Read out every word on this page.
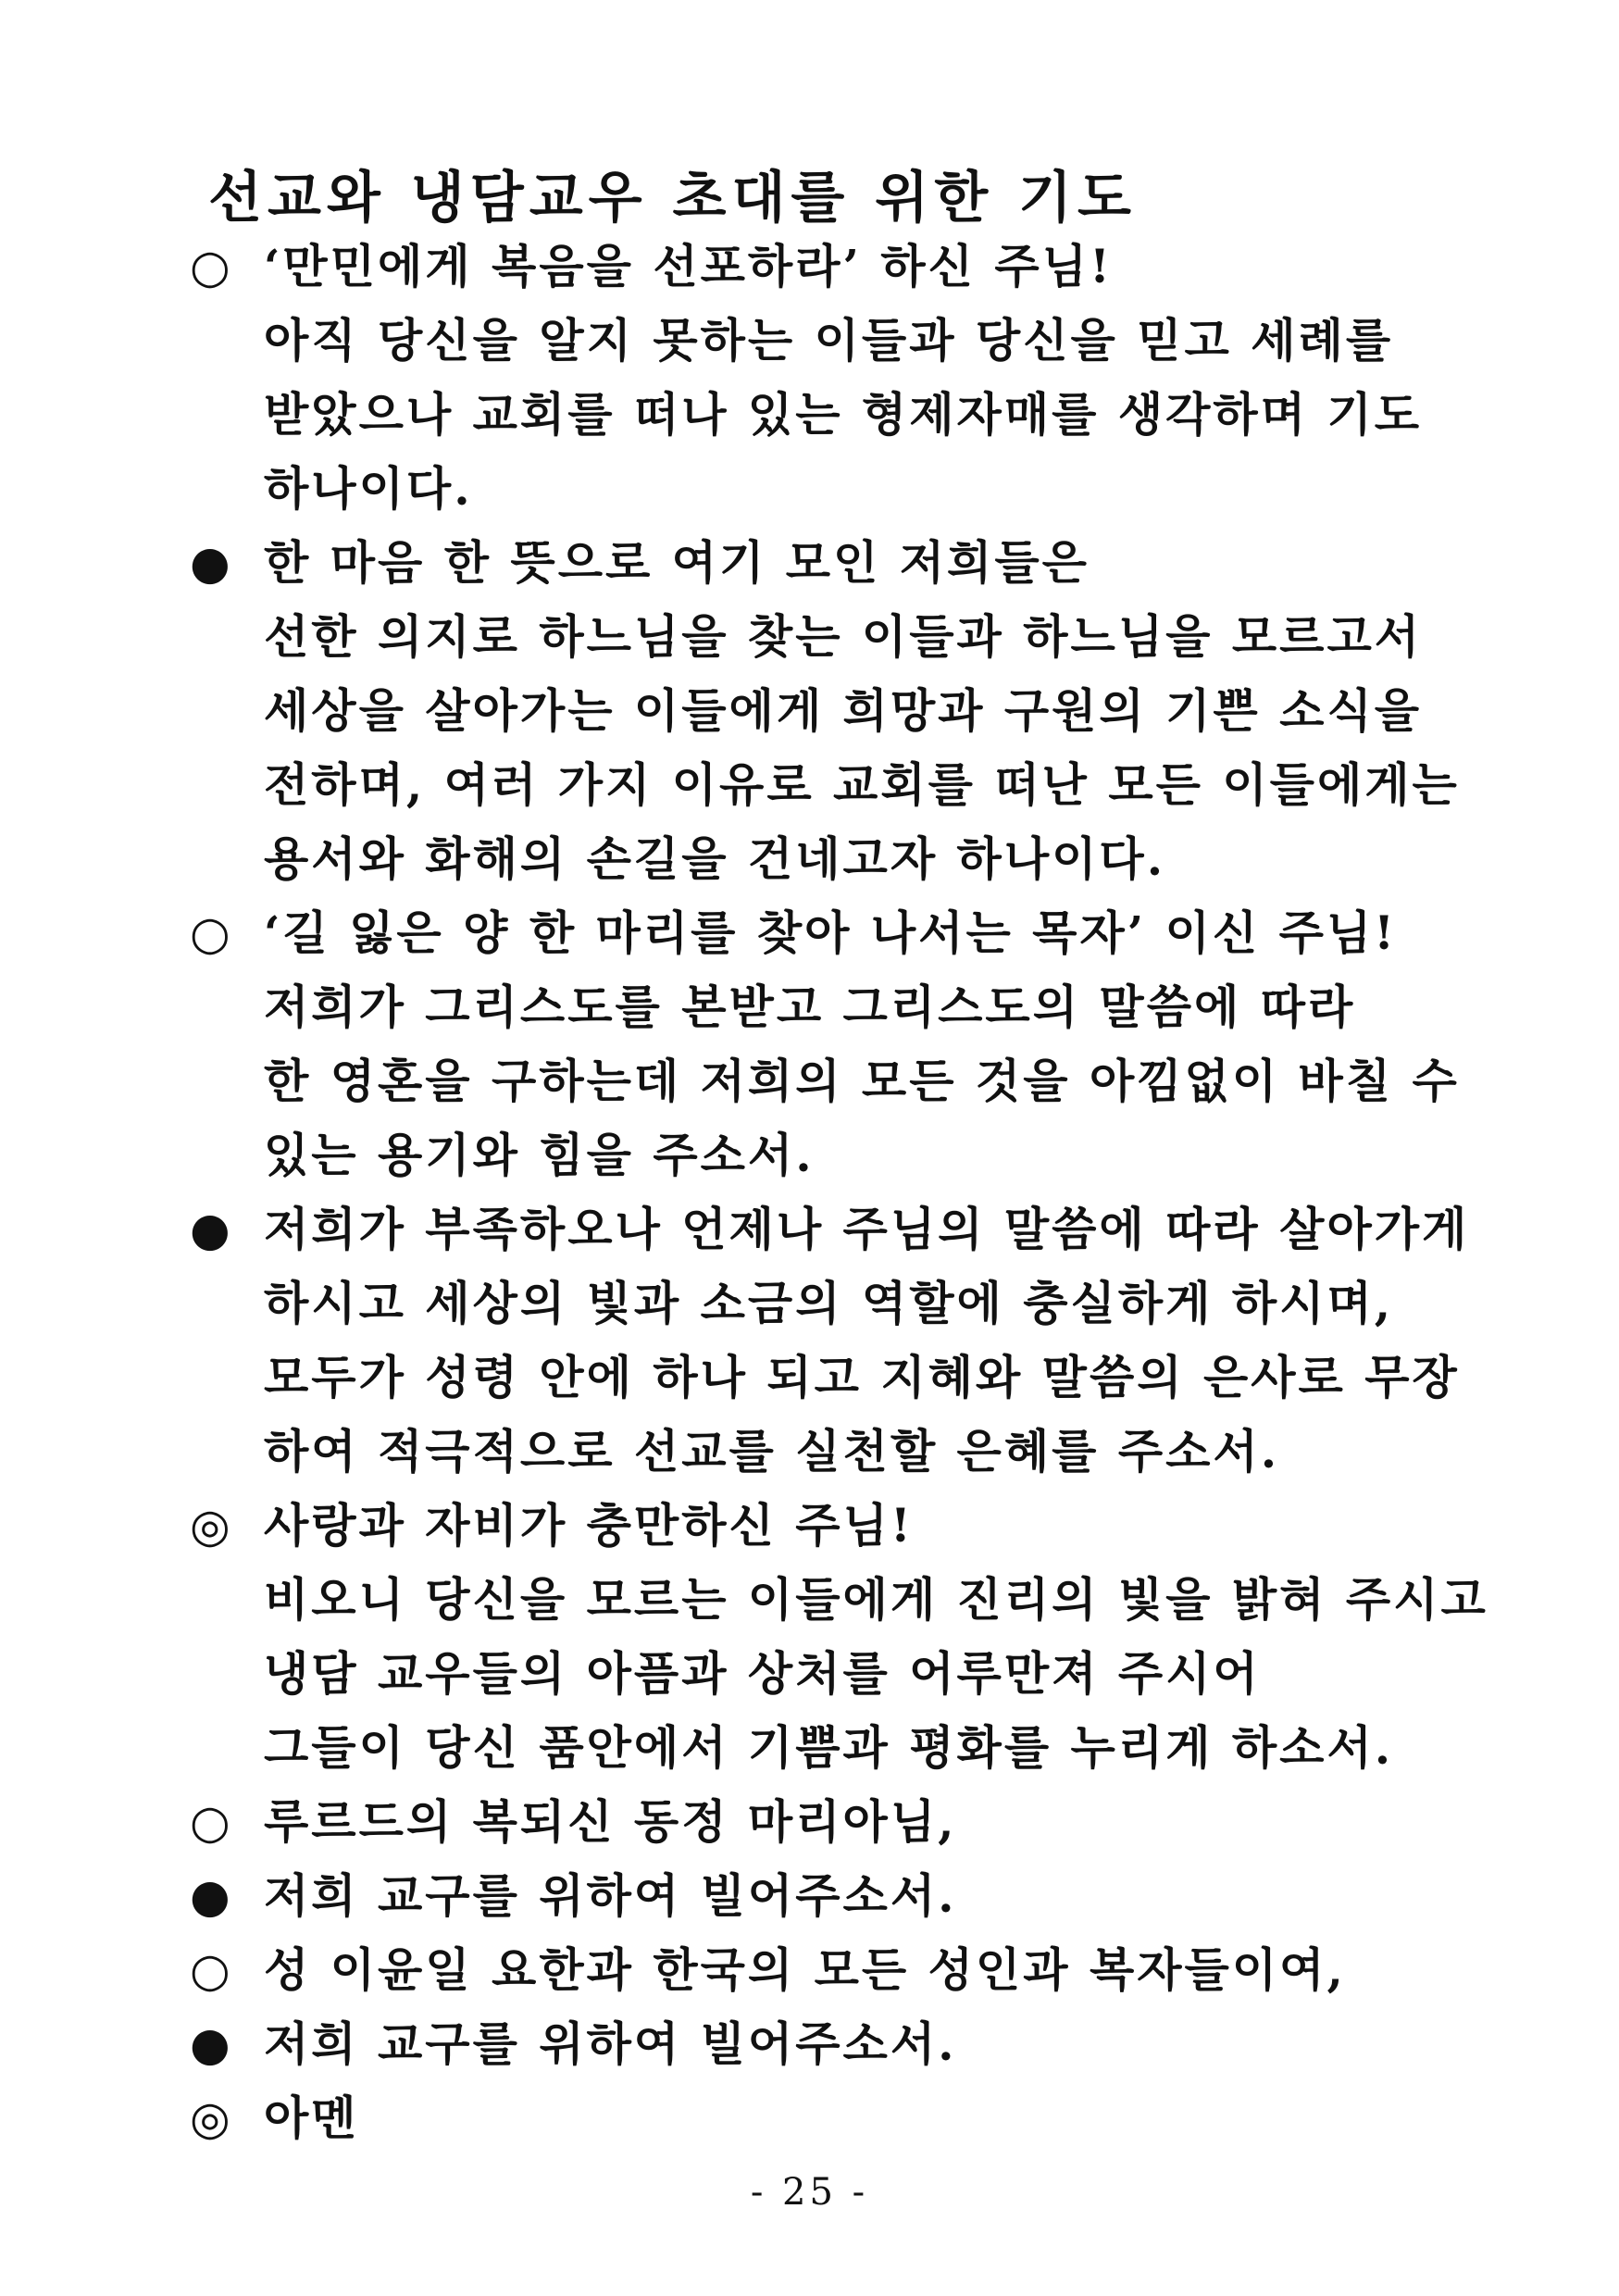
선교와 냉담교우 초대를 위한 기도
○ ‘만민에게 복음을 선포하라’ 하신 주님!
아직 당신을 알지 못하는 이들과 당신을 믿고 세례를
받았으나 교회를 떠나 있는 형제자매를 생각하며 기도
하나이다.
● 한 마음 한 뜻으로 여기 모인 저희들은
선한 의지로 하느님을 찾는 이들과 하느님을 모르고서
세상을 살아가는 이들에게 희망과 구원의 기쁜 소식을
전하며, 여러 가지 이유로 교회를 떠난 모든 이들에게는
용서와 화해의 손길을 건네고자 하나이다.
○ ‘길 잃은 양 한 마리를 찾아 나서는 목자’ 이신 주님!
저희가 그리스도를 본받고 그리스도의 말씀에 따라
한 영혼을 구하는데 저희의 모든 것을 아낌없이 바칠 수
있는 용기와 힘을 주소서.
● 저희가 부족하오나 언제나 주님의 말씀에 따라 살아가게
하시고 세상의 빛과 소금의 역할에 충실하게 하시며,
모두가 성령 안에 하나 되고 지혜와 말씀의 은사로 무장
하여 적극적으로 선교를 실천할 은혜를 주소서.
◎ 사랑과 자비가 충만하신 주님!
비오니 당신을 모르는 이들에게 진리의 빛을 밝혀 주시고
냉담 교우들의 아픔과 상처를 어루만져 주시어
그들이 당신 품안에서 기쁨과 평화를 누리게 하소서.
○ 루르드의 복되신 동정 마리아님,
● 저희 교구를 위하여 빌어주소서.
○ 성 이윤일 요한과 한국의 모든 성인과 복자들이여,
● 저희 교구를 위하여 빌어주소서.
◎ 아멘
- 25 -
